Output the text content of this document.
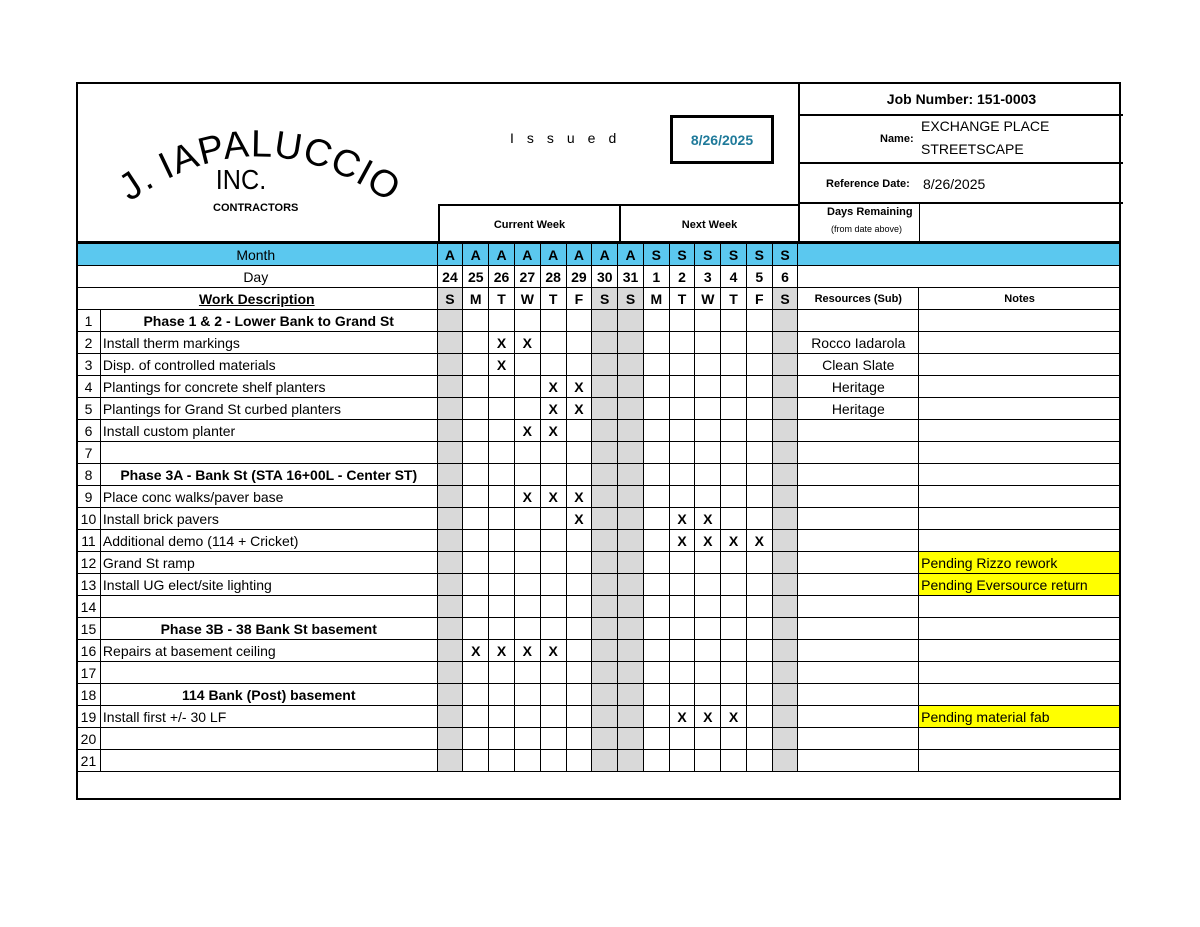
J. IAPALUCCIO
INC.
CONTRACTORS
Issued	8/26/2025
Current Week	Next Week
Job Number: 151-0003
Name:
EXCHANGE PLACE
STREETSCAPE
Reference Date: 8/26/2025
Days Remaining
(from date above)
Month		A	A	A	A	A	A	A	A	S	S	S	S	S	S		
Day		24	25	26	27	28	29	30	31	1	2	3	4	5	6		
Work Description		S	M	T	W	T	F	S	S	M	T	W	T	F	S	Resources (Sub)	Notes
1	Phase 1 & 2 - Lower Bank to Grand St																
2	Install therm markings			X	X											Rocco Iadarola	
3	Disp. of controlled materials			X												Clean Slate	
4	Plantings for concrete shelf planters					X	X									Heritage	
5	Plantings for Grand St curbed planters					X	X									Heritage	
6	Install custom planter				X	X											
7																	
8	Phase 3A - Bank St (STA 16+00L - Center ST)																
9	Place conc walks/paver base				X	X	X										
10	Install brick pavers						X				X	X					
11	Additional demo (114 + Cricket)										X	X	X	X			
12	Grand St ramp																Pending Rizzo rework
13	Install UG elect/site lighting																Pending Eversource return
14																	
15	Phase 3B - 38 Bank St basement																
16	Repairs at basement ceiling		X	X	X	X											
17																	
18	114 Bank (Post) basement																
19	Install first +/- 30 LF										X	X	X				Pending material fab
20																	
21																	
